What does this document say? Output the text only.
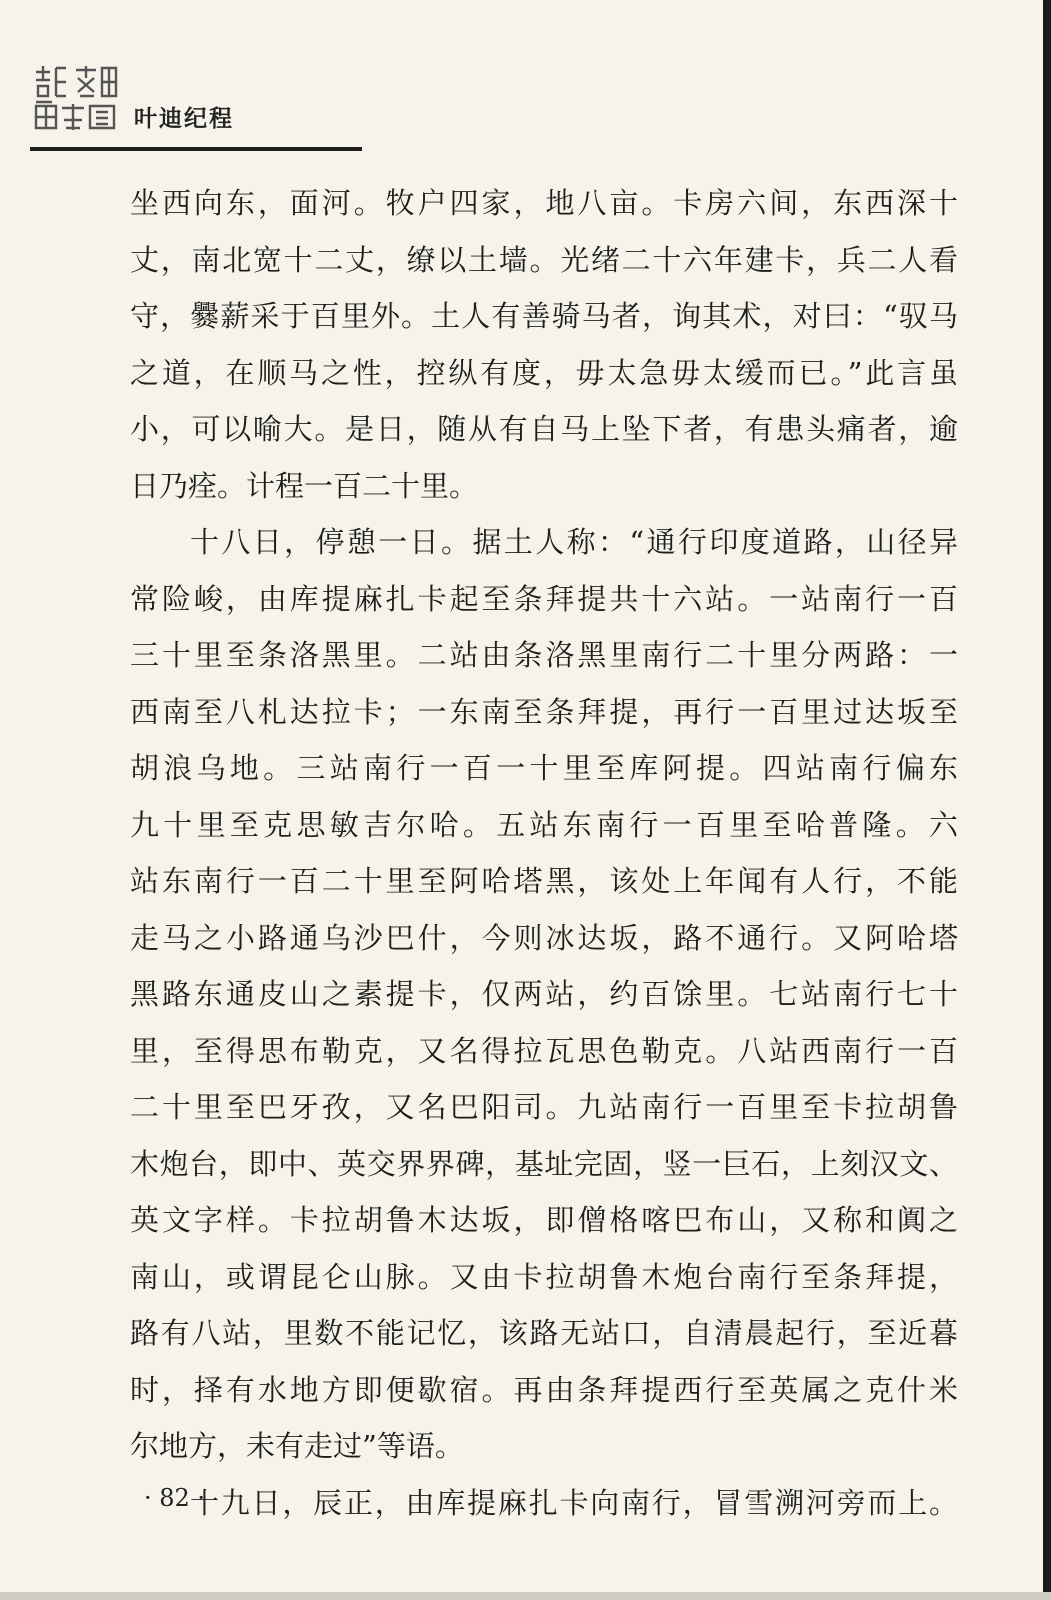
叶迪纪程
坐西向东，面河。牧户四家，地八亩。卡房六间，东西深十
丈，南北宽十二丈，缭以土墙。光绪二十六年建卡，兵二人看
守，爨薪采于百里外。土人有善骑马者，询其术，对曰：“驭马
之道，在顺马之性，控纵有度，毋太急毋太缓而已。”此言虽
小，可以喻大。是日，随从有自马上坠下者，有患头痛者，逾
日乃痊。计程一百二十里。
十八日，停憩一日。据土人称：“通行印度道路，山径异
常险峻，由库提麻扎卡起至条拜提共十六站。一站南行一百
三十里至条洛黑里。二站由条洛黑里南行二十里分两路：一
西南至八札达拉卡；一东南至条拜提，再行一百里过达坂至
胡浪乌地。三站南行一百一十里至库阿提。四站南行偏东
九十里至克思敏吉尔哈。五站东南行一百里至哈普隆。六
站东南行一百二十里至阿哈塔黑，该处上年闻有人行，不能
走马之小路通乌沙巴什，今则冰达坂，路不通行。又阿哈塔
黑路东通皮山之素提卡，仅两站，约百馀里。七站南行七十
里，至得思布勒克，又名得拉瓦思色勒克。八站西南行一百
二十里至巴牙孜，又名巴阳司。九站南行一百里至卡拉胡鲁
木炮台，即中、英交界界碑，基址完固，竖一巨石，上刻汉文、
英文字样。卡拉胡鲁木达坂，即僧格喀巴布山，又称和阗之
南山，或谓昆仑山脉。又由卡拉胡鲁木炮台南行至条拜提，
路有八站，里数不能记忆，该路无站口，自清晨起行，至近暮
时，择有水地方即便歇宿。再由条拜提西行至英属之克什米
尔地方，未有走过”等语。
十九日，辰正，由库提麻扎卡向南行，冒雪溯河旁而上。
· 82 ·
